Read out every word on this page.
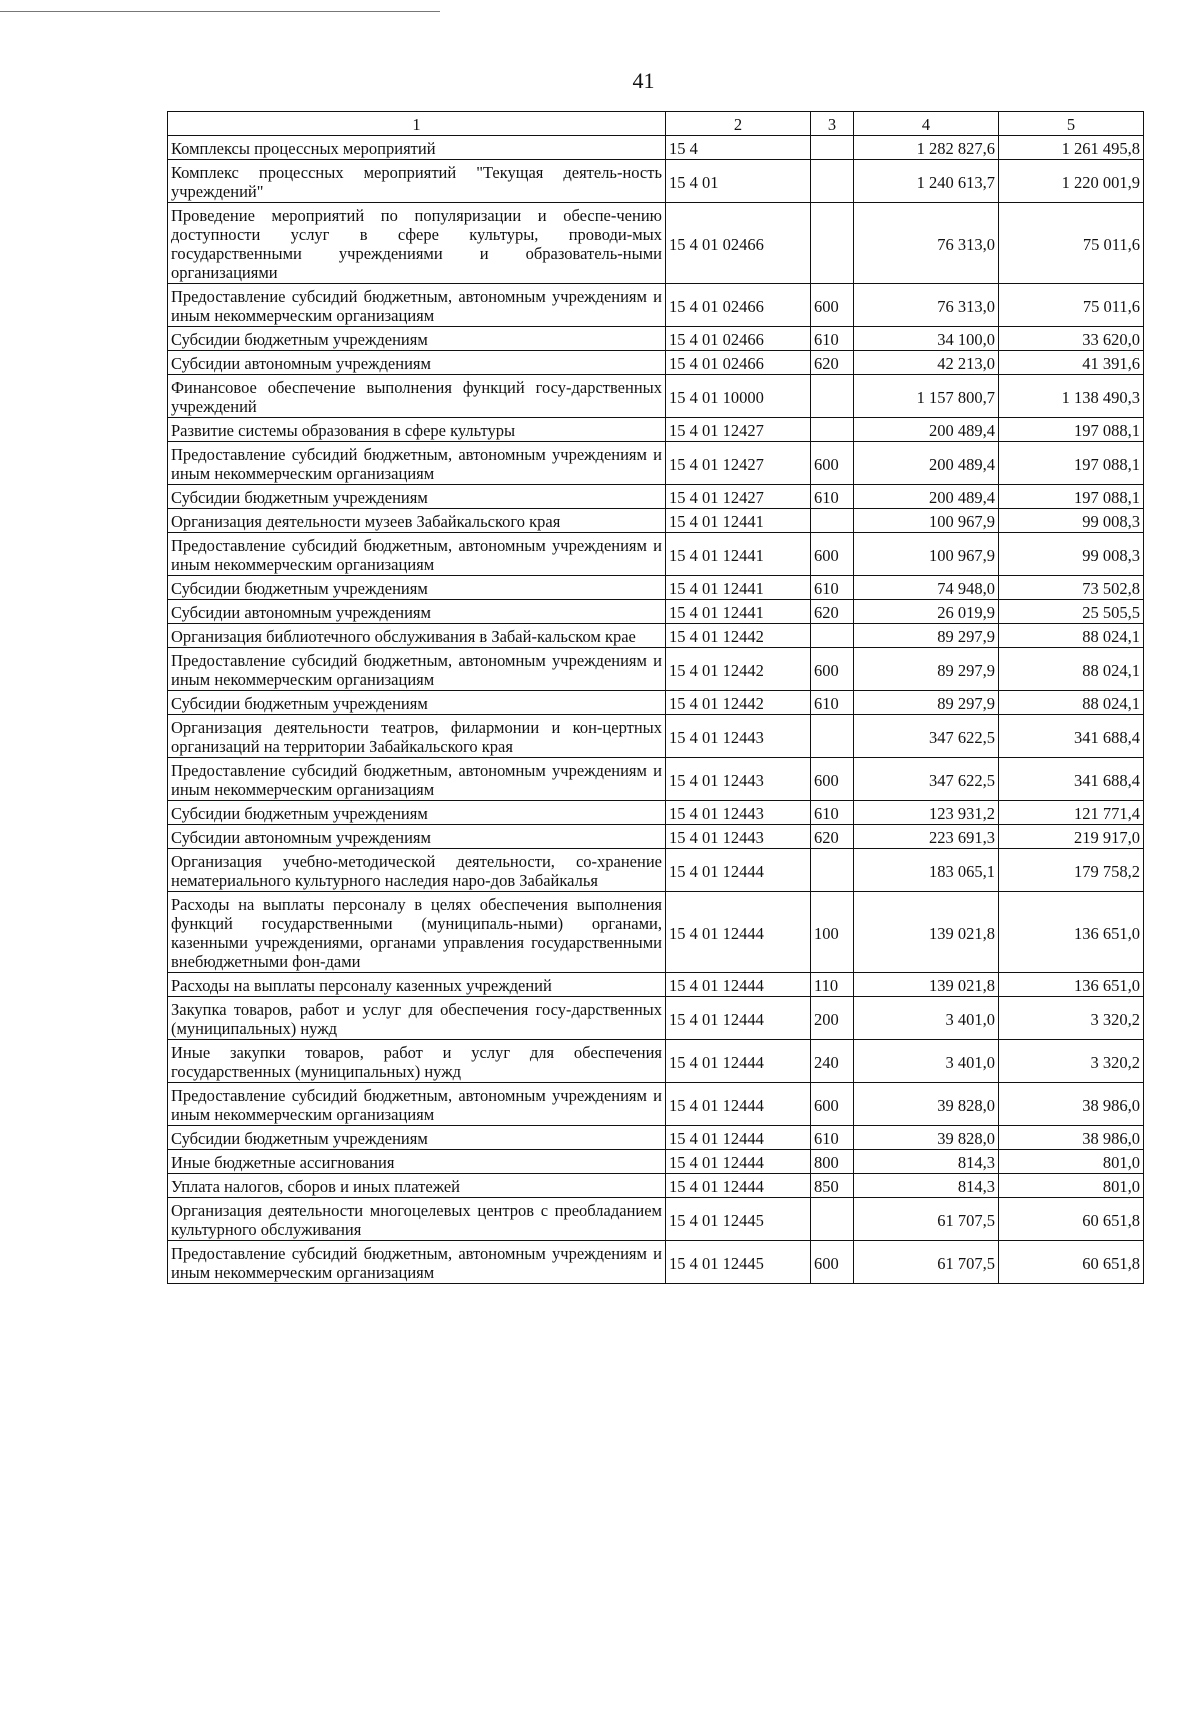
41
1	2	3	4	5
Комплексы процессных мероприятий	15 4		1 282 827,6	1 261 495,8
Комплекс процессных мероприятий "Текущая деятель-ность учреждений"	15 4 01		1 240 613,7	1 220 001,9
Проведение мероприятий по популяризации и обеспе-чению доступности услуг в сфере культуры, проводи-мых государственными учреждениями и образователь-ными организациями	15 4 01 02466		76 313,0	75 011,6
Предоставление субсидий бюджетным, автономным учреждениям и иным некоммерческим организациям	15 4 01 02466	600	76 313,0	75 011,6
Субсидии бюджетным учреждениям	15 4 01 02466	610	34 100,0	33 620,0
Субсидии автономным учреждениям	15 4 01 02466	620	42 213,0	41 391,6
Финансовое обеспечение выполнения функций госу-дарственных учреждений	15 4 01 10000		1 157 800,7	1 138 490,3
Развитие системы образования в сфере культуры	15 4 01 12427		200 489,4	197 088,1
Предоставление субсидий бюджетным, автономным учреждениям и иным некоммерческим организациям	15 4 01 12427	600	200 489,4	197 088,1
Субсидии бюджетным учреждениям	15 4 01 12427	610	200 489,4	197 088,1
Организация деятельности музеев Забайкальского края	15 4 01 12441		100 967,9	99 008,3
Предоставление субсидий бюджетным, автономным учреждениям и иным некоммерческим организациям	15 4 01 12441	600	100 967,9	99 008,3
Субсидии бюджетным учреждениям	15 4 01 12441	610	74 948,0	73 502,8
Субсидии автономным учреждениям	15 4 01 12441	620	26 019,9	25 505,5
Организация библиотечного обслуживания в Забай-кальском крае	15 4 01 12442		89 297,9	88 024,1
Предоставление субсидий бюджетным, автономным учреждениям и иным некоммерческим организациям	15 4 01 12442	600	89 297,9	88 024,1
Субсидии бюджетным учреждениям	15 4 01 12442	610	89 297,9	88 024,1
Организация деятельности театров, филармонии и кон-цертных организаций на территории Забайкальского края	15 4 01 12443		347 622,5	341 688,4
Предоставление субсидий бюджетным, автономным учреждениям и иным некоммерческим организациям	15 4 01 12443	600	347 622,5	341 688,4
Субсидии бюджетным учреждениям	15 4 01 12443	610	123 931,2	121 771,4
Субсидии автономным учреждениям	15 4 01 12443	620	223 691,3	219 917,0
Организация учебно-методической деятельности, со-хранение нематериального культурного наследия наро-дов Забайкалья	15 4 01 12444		183 065,1	179 758,2
Расходы на выплаты персоналу в целях обеспечения выполнения функций государственными (муниципаль-ными) органами, казенными учреждениями, органами управления государственными внебюджетными фон-дами	15 4 01 12444	100	139 021,8	136 651,0
Расходы на выплаты персоналу казенных учреждений	15 4 01 12444	110	139 021,8	136 651,0
Закупка товаров, работ и услуг для обеспечения госу-дарственных (муниципальных) нужд	15 4 01 12444	200	3 401,0	3 320,2
Иные закупки товаров, работ и услуг для обеспечения государственных (муниципальных) нужд	15 4 01 12444	240	3 401,0	3 320,2
Предоставление субсидий бюджетным, автономным учреждениям и иным некоммерческим организациям	15 4 01 12444	600	39 828,0	38 986,0
Субсидии бюджетным учреждениям	15 4 01 12444	610	39 828,0	38 986,0
Иные бюджетные ассигнования	15 4 01 12444	800	814,3	801,0
Уплата налогов, сборов и иных платежей	15 4 01 12444	850	814,3	801,0
Организация деятельности многоцелевых центров с преобладанием культурного обслуживания	15 4 01 12445		61 707,5	60 651,8
Предоставление субсидий бюджетным, автономным учреждениям и иным некоммерческим организациям	15 4 01 12445	600	61 707,5	60 651,8
